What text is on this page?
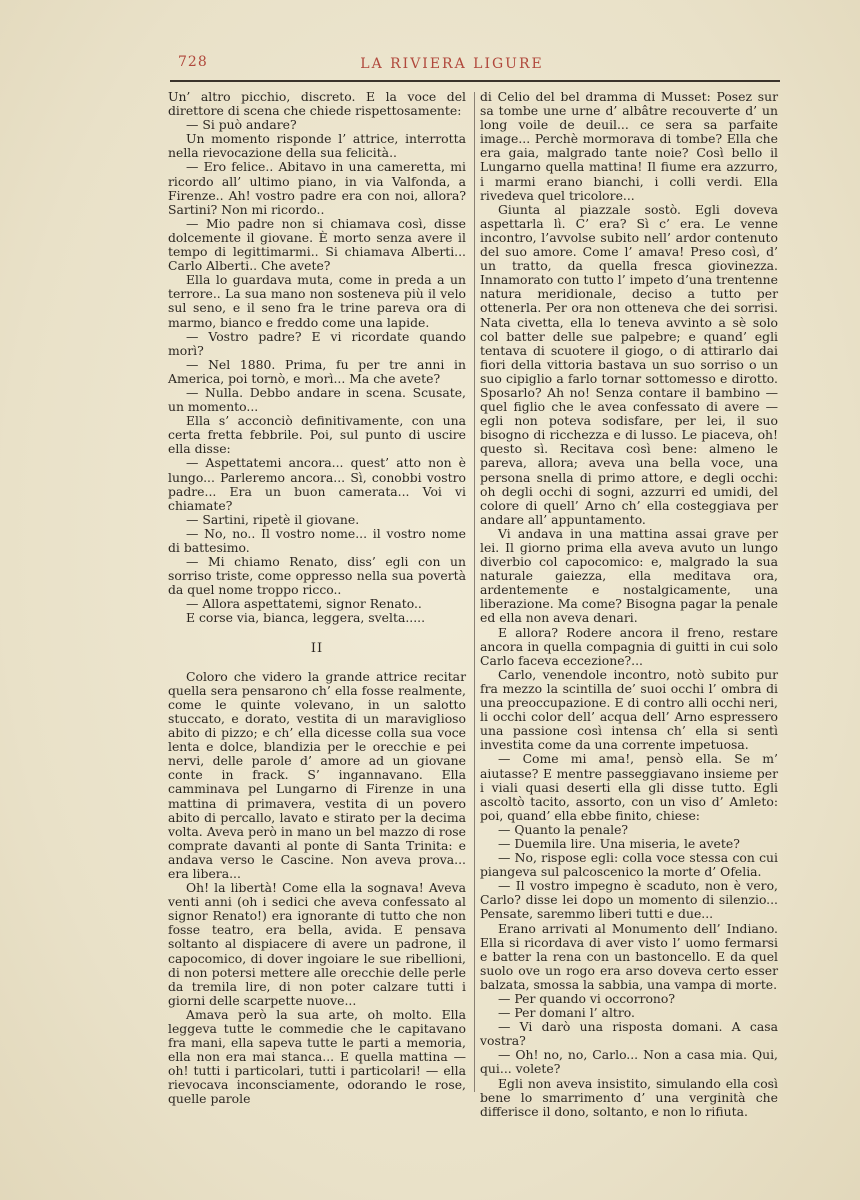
728	LA RIVIERA LIGURE

Un’ altro picchio, discreto. E la voce del direttore di scena che chiede rispettosamente:

— Si può andare?

Un momento risponde l’ attrice, interrotta nella rievocazione della sua felicità..

— Ero felice.. Abitavo in una cameretta, mi ricordo all’ ultimo piano, in via Valfonda, a Firenze.. Ah! vostro padre era con noi, allora? Sartini? Non mi ricordo..

— Mio padre non si chiamava così, disse dolcemente il giovane. È morto senza avere il tempo di legittimarmi.. Si chiamava Alberti... Carlo Alberti.. Che avete?

Ella lo guardava muta, come in preda a un terrore.. La sua mano non sosteneva più il velo sul seno, e il seno fra le trine pareva ora di marmo, bianco e freddo come una lapide.

— Vostro padre? E vi ricordate quando morì?

— Nel 1880. Prima, fu per tre anni in America, poi tornò, e morì... Ma che avete?

— Nulla. Debbo andare in scena. Scusate, un momento...

Ella s’ acconciò definitivamente, con una certa fretta febbrile. Poi, sul punto di uscire ella disse:

— Aspettatemi ancora... quest’ atto non è lungo... Parleremo ancora... Sì, conobbi vostro padre... Era un buon camerata... Voi vi chiamate?

— Sartini, ripetè il giovane.

— No, no.. Il vostro nome... il vostro nome di battesimo.

— Mi chiamo Renato, diss’ egli con un sorriso triste, come oppresso nella sua povertà da quel nome troppo ricco..

— Allora aspettatemi, signor Renato..

E corse via, bianca, leggera, svelta.....

II

Coloro che videro la grande attrice recitar quella sera pensarono ch’ ella fosse realmente, come le quinte volevano, in un salotto stuccato, e dorato, vestita di un maraviglioso abito di pizzo; e ch’ ella dicesse colla sua voce lenta e dolce, blandizia per le orecchie e pei nervi, delle parole d’ amore ad un giovane conte in frack. S’ ingannavano. Ella camminava pel Lungarno di Firenze in una mattina di primavera, vestita di un povero abito di percallo, lavato e stirato per la decima volta. Aveva però in mano un bel mazzo di rose comprate davanti al ponte di Santa Trinita: e andava verso le Cascine. Non aveva prova... era libera...

Oh! la libertà! Come ella la sognava! Aveva venti anni (oh i sedici che aveva confessato al signor Renato!) era ignorante di tutto che non fosse teatro, era bella, avida. E pensava soltanto al dispiacere di avere un padrone, il capocomico, di dover ingoiare le sue ribellioni, di non potersi mettere alle orecchie delle perle da tremila lire, di non poter calzare tutti i giorni delle scarpette nuove...

Amava però la sua arte, oh molto. Ella leggeva tutte le commedie che le capitavano fra mani, ella sapeva tutte le parti a memoria, ella non era mai stanca... E quella mattina — oh! tutti i particolari, tutti i particolari! — ella rievocava inconsciamente, odorando le rose, quelle parole

di Celio del bel dramma di Musset: Posez sur sa tombe une urne d’ albâtre recouverte d’ un long voile de deuil... ce sera sa parfaite image... Perchè mormorava di tombe? Ella che era gaia, malgrado tante noie? Così bello il Lungarno quella mattina! Il fiume era azzurro, i marmi erano bianchi, i colli verdi. Ella rivedeva quel tricolore...

Giunta al piazzale sostò. Egli doveva aspettarla lì. C’ era? Sì c’ era. Le venne incontro, l’avvolse subito nell’ ardor contenuto del suo amore. Come l’ amava! Preso così, d’ un tratto, da quella fresca giovinezza. Innamorato con tutto l’ impeto d’una trentenne natura meridionale, deciso a tutto per ottenerla. Per ora non otteneva che dei sorrisi. Nata civetta, ella lo teneva avvinto a sè solo col batter delle sue palpebre; e quand’ egli tentava di scuotere il giogo, o di attirarlo dai fiori della vittoria bastava un suo sorriso o un suo cipiglio a farlo tornar sottomesso e dirotto. Sposarlo? Ah no! Senza contare il bambino — quel figlio che le avea confessato di avere — egli non poteva sodisfare, per lei, il suo bisogno di ricchezza e di lusso. Le piaceva, oh! questo sì. Recitava così bene: almeno le pareva, allora; aveva una bella voce, una persona snella di primo attore, e degli occhi: oh degli occhi di sogni, azzurri ed umidi, del colore di quell’ Arno ch’ ella costeggiava per andare all’ appuntamento.

Vi andava in una mattina assai grave per lei. Il giorno prima ella aveva avuto un lungo diverbio col capocomico: e, malgrado la sua naturale gaiezza, ella meditava ora, ardentemente e nostalgicamente, una liberazione. Ma come? Bisogna pagar la penale ed ella non aveva denari.

E allora? Rodere ancora il freno, restare ancora in quella compagnia di guitti in cui solo Carlo faceva eccezione?...

Carlo, venendole incontro, notò subito pur fra mezzo la scintilla de’ suoi occhi l’ ombra di una preoccupazione. E di contro alli occhi neri, li occhi color dell’ acqua dell’ Arno espressero una passione così intensa ch’ ella si sentì investita come da una corrente impetuosa.

— Come mi ama!, pensò ella. Se m’ aiutasse? E mentre passeggiavano insieme per i viali quasi deserti ella gli disse tutto. Egli ascoltò tacito, assorto, con un viso d’ Amleto: poi, quand’ ella ebbe finito, chiese:

— Quanto la penale?

— Duemila lire. Una miseria, le avete?

— No, rispose egli: colla voce stessa con cui piangeva sul palcoscenico la morte d’ Ofelia.

— Il vostro impegno è scaduto, non è vero, Carlo? disse lei dopo un momento di silenzio... Pensate, saremmo liberi tutti e due...

Erano arrivati al Monumento dell’ Indiano. Ella si ricordava di aver visto l’ uomo fermarsi e batter la rena con un bastoncello. E da quel suolo ove un rogo era arso doveva certo esser balzata, smossa la sabbia, una vampa di morte.

— Per quando vi occorrono?

— Per domani l’ altro.

— Vi darò una risposta domani. A casa vostra?

— Oh! no, no, Carlo... Non a casa mia. Qui, qui... volete?

Egli non aveva insistito, simulando ella così bene lo smarrimento d’ una verginità che differisce il dono, soltanto, e non lo rifiuta.
